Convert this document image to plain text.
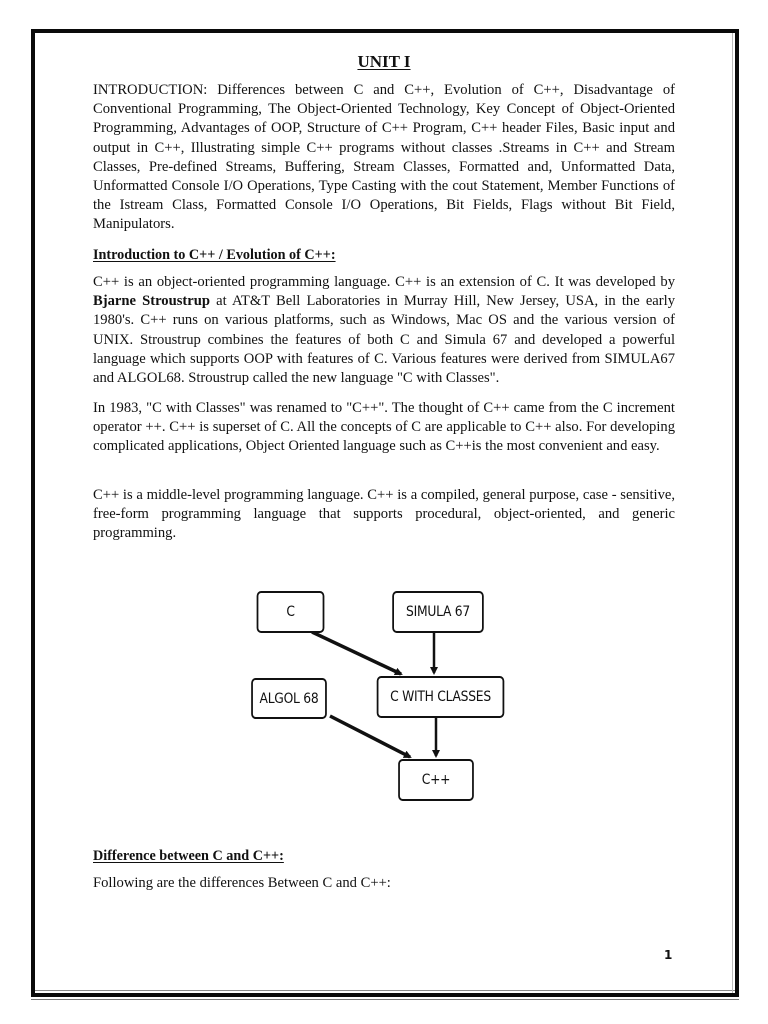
UNIT I

INTRODUCTION: Differences between C and C++, Evolution of C++, Disadvantage of Conventional Programming, The Object-Oriented Technology, Key Concept of Object-Oriented Programming, Advantages of OOP, Structure of C++ Program, C++ header Files, Basic input and output in C++, Illustrating simple C++ programs without classes .Streams in C++ and Stream Classes, Pre-defined Streams, Buffering, Stream Classes, Formatted and, Unformatted Data, Unformatted Console I/O Operations, Type Casting with the cout Statement, Member Functions of the Istream Class, Formatted Console I/O Operations, Bit Fields, Flags without Bit Field, Manipulators.

Introduction to C++ / Evolution of C++:

C++ is an object-oriented programming language. C++ is an extension of C. It was developed by Bjarne Stroustrup at AT&T Bell Laboratories in Murray Hill, New Jersey, USA, in the early 1980's. C++ runs on various platforms, such as Windows, Mac OS and the various version of UNIX. Stroustrup combines the features of both C and Simula 67 and developed a powerful language which supports OOP with features of C. Various features were derived from SIMULA67 and ALGOL68. Stroustrup called the new language "C with Classes".

In 1983, "C with Classes" was renamed to "C++". The thought of C++ came from the C increment operator ++. C++ is superset of C. All the concepts of C are applicable to C++ also. For developing complicated applications, Object Oriented language such as C++is the most convenient and easy.

C++ is a middle-level programming language. C++ is a compiled, general purpose, case - sensitive, free-form programming language that supports procedural, object-oriented, and generic programming.

C	SIMULA 67
ALGOL 68	C WITH CLASSES
C++

Difference between C and C++:

Following are the differences Between C and C++:

1
